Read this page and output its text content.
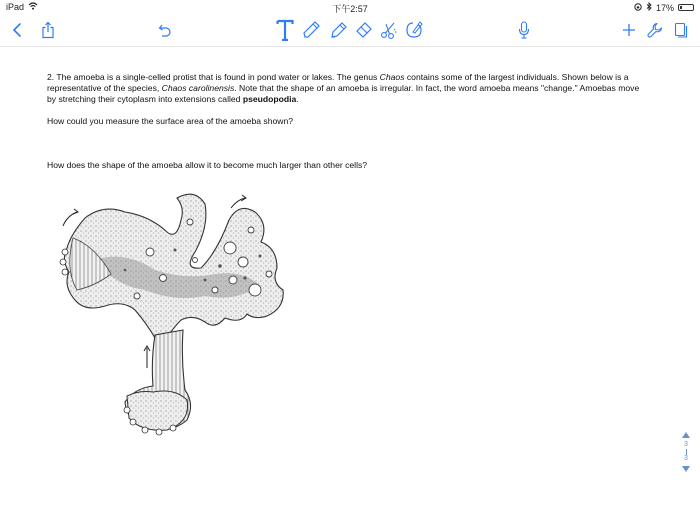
iPad	下午2:57	17%

2. The amoeba is a single-celled protist that is found in pond water or lakes. The genus Chaos contains some of the largest individuals. Shown below is a representative of the species, Chaos carolinensis. Note that the shape of an amoeba is irregular. In fact, the word amoeba means "change." Amoebas move by stretching their cytoplasm into extensions called pseudopodia.

How could you measure the surface area of the amoeba shown?

How does the shape of the amoeba allow it to become much larger than other cells?

3
3
